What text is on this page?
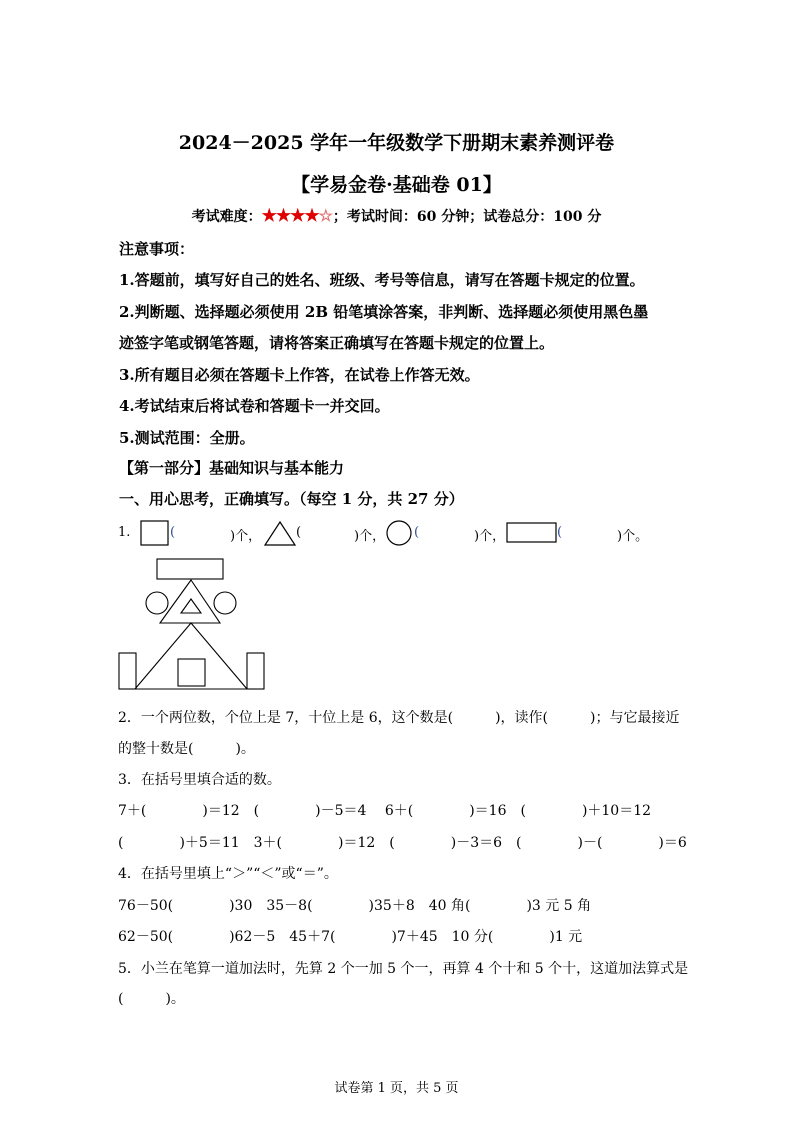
2024－2025 学年一年级数学下册期末素养测评卷
【学易金卷·基础卷 01】
考试难度：★★★★☆；考试时间：60 分钟；试卷总分：100 分
注意事项：
1.答题前，填写好自己的姓名、班级、考号等信息，请写在答题卡规定的位置。
2.判断题、选择题必须使用 2B 铅笔填涂答案，非判断、选择题必须使用黑色墨
迹签字笔或钢笔答题，请将答案正确填写在答题卡规定的位置上。
3.所有题目必须在答题卡上作答，在试卷上作答无效。
4.考试结束后将试卷和答题卡一并交回。
5.测试范围：全册。
【第一部分】基础知识与基本能力
一、用心思考，正确填写。（每空 1 分，共 27 分）
1.	(	)个，	(	)个， (	)个，	(	)个。
2．一个两位数，个位上是 7，十位上是 6，这个数是(　　　)，读作(　　　)；与它最接近
的整十数是(　　　)。
3．在括号里填合适的数。
7＋(　　　　)＝12　(　　　　)－5＝4　 6＋(　　　　)＝16　(　　　　)＋10＝12
(　　　　)＋5＝11　3＋(　　　　)＝12　(　　　　)－3＝6　(　　　　)－(　　　　)＝6
4．在括号里填上“＞”“＜”或“＝”。
76－50(　　　　)30　35－8(　　　　)35＋8　40 角(　　　　)3 元 5 角
62－50(　　　　)62－5　45＋7(　　　　)7＋45　10 分(　　　　)1 元
5．小兰在笔算一道加法时，先算 2 个一加 5 个一，再算 4 个十和 5 个十，这道加法算式是
(　　　)。
试卷第 1 页，共 5 页
